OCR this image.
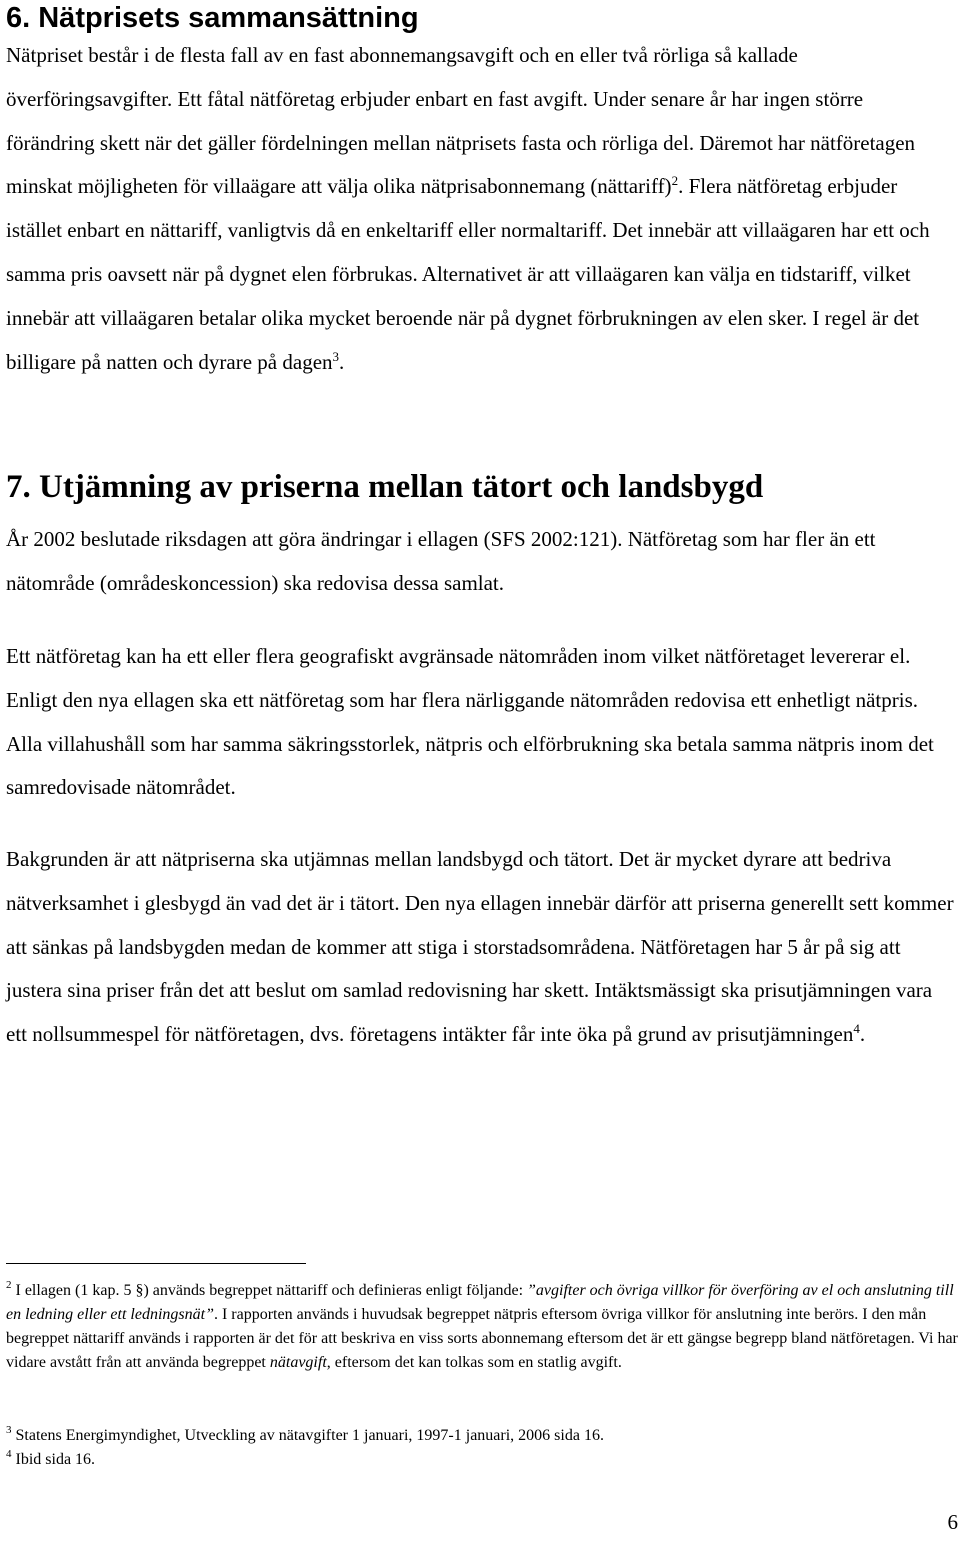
6. Nätprisets sammansättning

Nätpriset består i de flesta fall av en fast abonnemangsavgift och en eller två rörliga så kallade överföringsavgifter. Ett fåtal nätföretag erbjuder enbart en fast avgift. Under senare år har ingen större förändring skett när det gäller fördelningen mellan nätprisets fasta och rörliga del. Däremot har nätföretagen minskat möjligheten för villaägare att välja olika nätprisabonnemang (nättariff)$^2$. Flera nätföretag erbjuder istället enbart en nättariff, vanligtvis då en enkeltariff eller normaltariff. Det innebär att villaägaren har ett och samma pris oavsett när på dygnet elen förbrukas. Alternativet är att villaägaren kan välja en tidstariff, vilket innebär att villaägaren betalar olika mycket beroende när på dygnet förbrukningen av elen sker. I regel är det billigare på natten och dyrare på dagen$^3$.

7. Utjämning av priserna mellan tätort och landsbygd

År 2002 beslutade riksdagen att göra ändringar i ellagen (SFS 2002:121). Nätföretag som har fler än ett nätområde (områdeskoncession) ska redovisa dessa samlat.

Ett nätföretag kan ha ett eller flera geografiskt avgränsade nätområden inom vilket nätföretaget levererar el. Enligt den nya ellagen ska ett nätföretag som har flera närliggande nätområden redovisa ett enhetligt nätpris. Alla villahushåll som har samma säkringsstorlek, nätpris och elförbrukning ska betala samma nätpris inom det samredovisade nätområdet.

Bakgrunden är att nätpriserna ska utjämnas mellan landsbygd och tätort. Det är mycket dyrare att bedriva nätverksamhet i glesbygd än vad det är i tätort. Den nya ellagen innebär därför att priserna generellt sett kommer att sänkas på landsbygden medan de kommer att stiga i storstadsområdena. Nätföretagen har 5 år på sig att justera sina priser från det att beslut om samlad redovisning har skett. Intäktsmässigt ska prisutjämningen vara ett nollsummespel för nätföretagen, dvs. företagens intäkter får inte öka på grund av prisutjämningen$^4$.

$^2$ I ellagen (1 kap. 5 §) används begreppet nättariff och definieras enligt följande: ”avgifter och övriga villkor för överföring av el och anslutning till en ledning eller ett ledningsnät”. I rapporten används i huvudsak begreppet nätpris eftersom övriga villkor för anslutning inte berörs. I den mån begreppet nättariff används i rapporten är det för att beskriva en viss sorts abonnemang eftersom det är ett gängse begrepp bland nätföretagen. Vi har vidare avstått från att använda begreppet nätavgift, eftersom det kan tolkas som en statlig avgift.

$^3$ Statens Energimyndighet, Utveckling av nätavgifter 1 januari, 1997-1 januari, 2006 sida 16.

$^4$ Ibid sida 16.

6
